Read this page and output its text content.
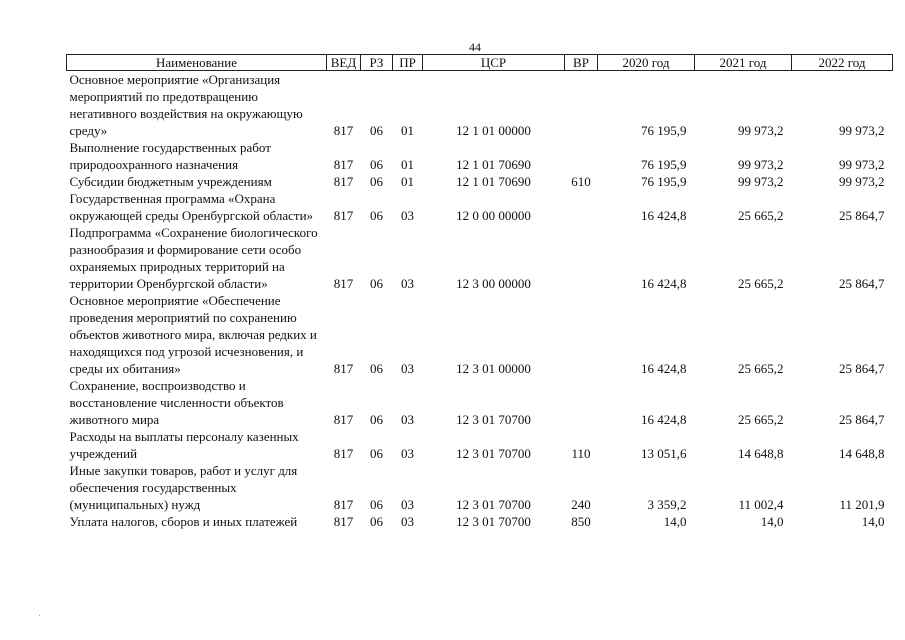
44
Наименование	ВЕД	РЗ	ПР	ЦСР	ВР	2020 год	2021 год	2022 год
Основное мероприятие «Организация мероприятий по предотвращению негативного воздействия на окружающую среду»	817	06	01	12 1 01 00000		76 195,9	99 973,2	99 973,2
Выполнение государственных работ природоохранного назначения	817	06	01	12 1 01 70690		76 195,9	99 973,2	99 973,2
Субсидии бюджетным учреждениям	817	06	01	12 1 01 70690	610	76 195,9	99 973,2	99 973,2
Государственная программа «Охрана окружающей среды Оренбургской области»	817	06	03	12 0 00 00000		16 424,8	25 665,2	25 864,7
Подпрограмма «Сохранение биологического разнообразия и формирование сети особо охраняемых природных территорий на территории Оренбургской области»	817	06	03	12 3 00 00000		16 424,8	25 665,2	25 864,7
Основное мероприятие «Обеспечение проведения мероприятий по сохранению объектов животного мира, включая редких и находящихся под угрозой исчезновения, и среды их обитания»	817	06	03	12 3 01 00000		16 424,8	25 665,2	25 864,7
Сохранение, воспроизводство и восстановление численности объектов животного мира	817	06	03	12 3 01 70700		16 424,8	25 665,2	25 864,7
Расходы на выплаты персоналу казенных учреждений	817	06	03	12 3 01 70700	110	13 051,6	14 648,8	14 648,8
Иные закупки товаров, работ и услуг для обеспечения государственных (муниципальных) нужд	817	06	03	12 3 01 70700	240	3 359,2	11 002,4	11 201,9
Уплата налогов, сборов и иных платежей	817	06	03	12 3 01 70700	850	14,0	14,0	14,0
·
